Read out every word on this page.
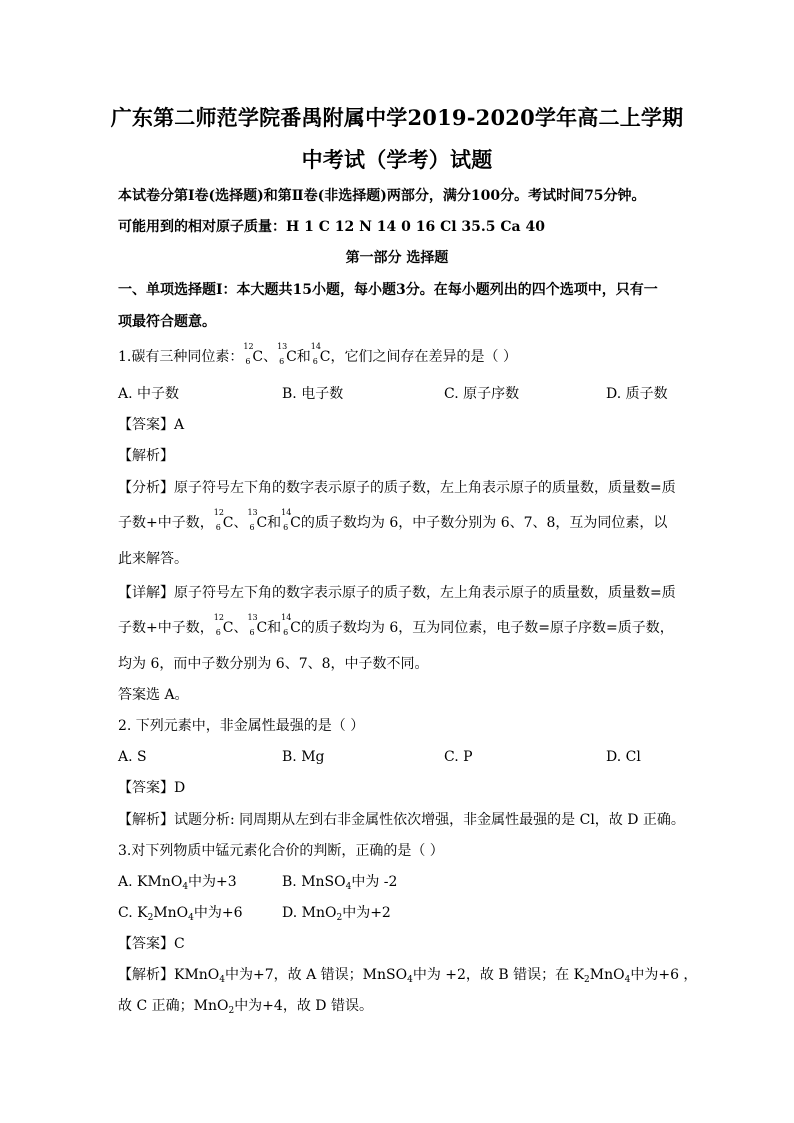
广东第二师范学院番禺附属中学2019-2020学年高二上学期
中考试（学考）试题
本试卷分第Ⅰ卷(选择题)和第Ⅱ卷(非选择题)两部分，满分100分。考试时间75分钟。
可能用到的相对原子质量：H 1 C 12 N 14 0 16 Cl 35.5 Ca 40
第一部分 选择题
一、单项选择题Ⅰ：本大题共15小题，每小题3分。在每小题列出的四个选项中，只有一
项最符合题意。
1.碳有三种同位素：
12
6 C、
13
6 C和
14
6 C，它们之间存在差异的是（ ）
A. 中子数	B. 电子数	C. 原子序数	D. 质子数
【答案】A
【解析】
【分析】原子符号左下角的数字表示原子的质子数，左上角表示原子的质量数，质量数=质
子数+中子数，
12
6 C、
13
6 C和
14
6 C的质子数均为 6，中子数分别为 6、7、8，互为同位素，以
此来解答。
【详解】原子符号左下角的数字表示原子的质子数，左上角表示原子的质量数，质量数=质
子数+中子数，
12
6 C、
13
6 C和
14
6 C的质子数均为 6，互为同位素，电子数=原子序数=质子数，
均为 6，而中子数分别为 6、7、8，中子数不同。
答案选 A。
2. 下列元素中，非金属性最强的是（ ）
A. S	B. Mg	C. P	D. Cl
【答案】D
【解析】试题分析: 同周期从左到右非金属性依次增强，非金属性最强的是 Cl，故 D 正确。
3.对下列物质中锰元素化合价的判断，正确的是（ ）
A. KMnO$_4$中为+3	B. MnSO$_4$中为 -2
C. $K_2MnO_4$中为+6	D. MnO$_2$中为+2
【答案】C
【解析】KMnO$_4$中为+7，故 A 错误；MnSO$_4$中为 +2，故 B 错误；在 $K_2MnO_4$中为+6 ，
故 C 正确；MnO$_2$中为+4，故 D 错误。
